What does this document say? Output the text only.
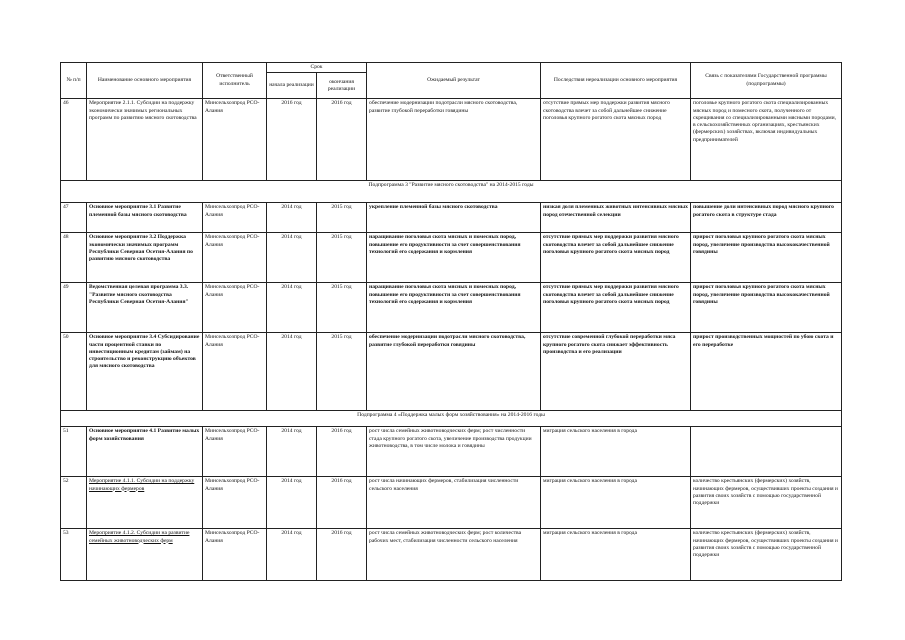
№ п/п	Наименование основного мероприятия	Ответственный исполнитель	Срок		Ожидаемый результат	Последствия нереализации основного мероприятия	Связь с показателями Государственной программы (подпрограммы)
			начала реализации	окончания реализации			
46	Мероприятие 2.1.1. Субсидии на поддержку экономически значимых региональных программ по развитию мясного скотоводства	Минсельхозпрод РСО-Алания	2016 год	2016 год	обеспечение модернизации подотрасли мясного скотоводства, развитие глубокой переработки говядины	отсутствие прямых мер поддержки развития мясного скотоводства влечет за собой дальнейшее снижение поголовья крупного рогатого скота мясных пород	поголовье крупного рогатого скота специализированных мясных пород и помесного скота, полученного от скрещивания со специализированными мясными породами, в сельскохозяйственных организациях, крестьянских (фермерских) хозяйствах, включая индивидуальных предпринимателей
Подпрограмма 3 "Развитие мясного скотоводства" на 2014-2015 годы							
47	Основное мероприятие 3.1 Развитие племенной базы мясного скотоводства	Минсельхозпрод РСО-Алания	2014 год	2015 год	укрепление племенной базы мясного скотоводства	низкая доля племенных животных интенсивных мясных пород отечественной селекции	повышение доли интенсивных пород мясного крупного рогатого скота в структуре стада
48	Основное мероприятие 3.2 Поддержка экономически значимых программ Республики Северная Осетия-Алания по развитию мясного скотоводства	Минсельхозпрод РСО-Алания	2014 год	2015 год	наращивание поголовья скота мясных и помесных пород, повышение его продуктивности за счет совершенствования технологий его содержания и кормления	отсутствие прямых мер поддержки развития мясного скотоводства влечет за собой дальнейшее снижение поголовья крупного рогатого скота мясных пород	прирост поголовья крупного рогатого скота мясных пород, увеличение производства высококачественной говядины
49	Ведомственная целевая программа 3.3. "Развитие мясного скотоводства Республики Северная Осетия-Алания"	Минсельхозпрод РСО-Алания	2014 год	2015 год	наращивание поголовья скота мясных и помесных пород, повышение его продуктивности за счет совершенствования технологий его содержания и кормления	отсутствие прямых мер поддержки развития мясного скотоводства влечет за собой дальнейшее снижение поголовья крупного рогатого скота мясных пород	прирост поголовья крупного рогатого скота мясных пород, увеличение производства высококачественной говядины
50	Основное мероприятие 3.4 Субсидирование части процентной ставки по инвестиционным кредитам (займам) на строительство и реконструкцию объектов для мясного скотоводства	Минсельхозпрод РСО-Алания	2014 год	2015 год	обеспечение модернизации подотрасли мясного скотоводства, развитие глубокой переработки говядины	отсутствие современной глубокой переработки мяса крупного рогатого скота снижает эффективность производства и его реализации	прирост производственных мощностей по убою скота и его переработке
Подпрограмма 4 «Поддержка малых форм хозяйствования» на 2014-2016 годы							
51	Основное мероприятие 4.1 Развитие малых форм хозяйствования	Минсельхозпрод РСО-Алания	2014 год	2016 год	рост числа семейных животноводческих ферм; рост численности стада крупного рогатого скота, увеличение производства продукции животноводства, в том числе молока и говядины	миграция сельского населения в города	
52	Мероприятие 4.1.1. Субсидии на поддержку начинающих фермеров	Минсельхозпрод РСО-Алания	2014 год	2016 год	рост числа начинающих фермеров, стабилизация численности сельского населения	миграция сельского населения в города	количество крестьянских (фермерских) хозяйств, начинающих фермеров, осуществивших проекты создания и развития своих хозяйств с помощью государственной поддержки
53	Мероприятие 4.1.2. Субсидии на развитие семейных животноводческих ферм	Минсельхозпрод РСО-Алания	2014 год	2016 год	рост числа семейных животноводческих ферм; рост количества рабочих мест, стабилизация численности сельского населения	миграция сельского населения в города	количество крестьянских (фермерских) хозяйств, начинающих фермеров, осуществивших проекты создания и развития своих хозяйств с помощью государственной поддержки
